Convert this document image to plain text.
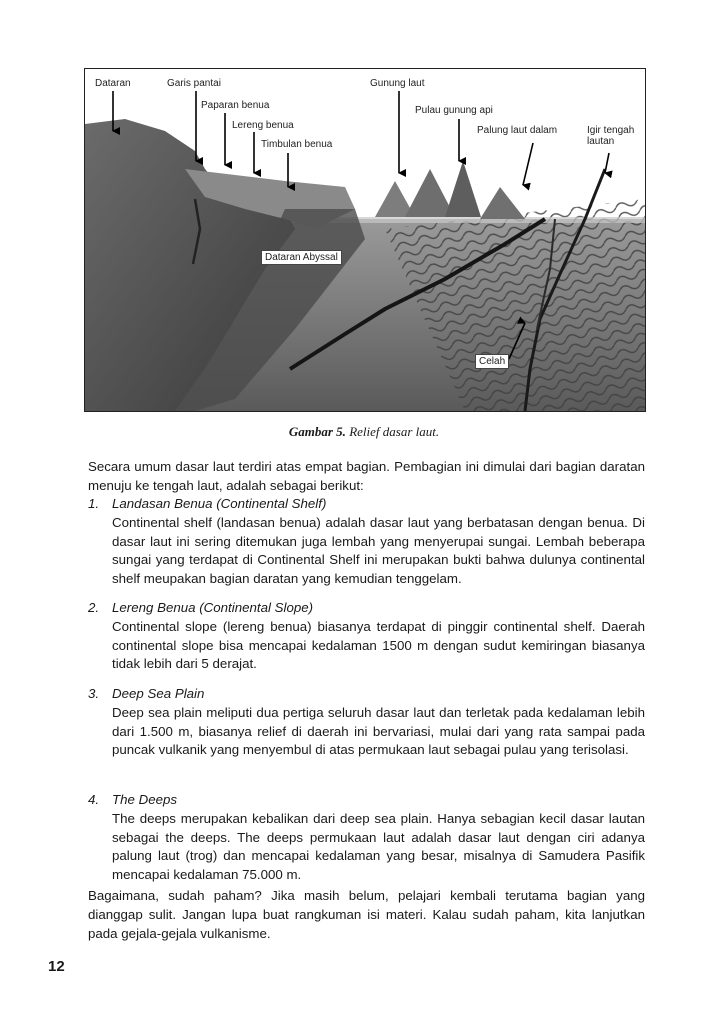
Dataran	Garis pantai
Paparan benua
Lereng benua
Timbulan benua
Gunung laut
Pulau gunung api
Palung laut dalam	Igir tengah lautan
Dataran Abyssal
Celah
Gambar 5. Relief dasar laut.

Secara umum dasar laut terdiri atas empat bagian. Pembagian ini dimulai dari bagian daratan menuju ke tengah laut, adalah sebagai berikut:

1. Landasan Benua (Continental Shelf)
Continental shelf (landasan benua) adalah dasar laut yang berbatasan dengan benua. Di dasar laut ini sering ditemukan juga lembah yang menyerupai sungai. Lembah beberapa sungai yang terdapat di Continental Shelf ini merupakan bukti bahwa dulunya continental shelf meupakan bagian daratan yang kemudian tenggelam.
2. Lereng Benua (Continental Slope)
Continental slope (lereng benua) biasanya terdapat di pinggir continental shelf. Daerah continental slope bisa mencapai kedalaman 1500 m dengan sudut kemiringan biasanya tidak lebih dari 5 derajat.
3. Deep Sea Plain
Deep sea plain meliputi dua pertiga seluruh dasar laut dan terletak pada kedalaman lebih dari 1.500 m, biasanya relief di daerah ini bervariasi, mulai dari yang rata sampai pada puncak vulkanik yang menyembul di atas permukaan laut sebagai pulau yang terisolasi.
4. The Deeps
The deeps merupakan kebalikan dari deep sea plain. Hanya sebagian kecil dasar lautan sebagai the deeps. The deeps permukaan laut adalah dasar laut dengan ciri adanya palung laut (trog) dan mencapai kedalaman yang besar, misalnya di Samudera Pasifik mencapai kedalaman 75.000 m.

Bagaimana, sudah paham? Jika masih belum, pelajari kembali terutama bagian yang dianggap sulit. Jangan lupa buat rangkuman isi materi. Kalau sudah paham, kita lanjutkan pada gejala-gejala vulkanisme.

12
